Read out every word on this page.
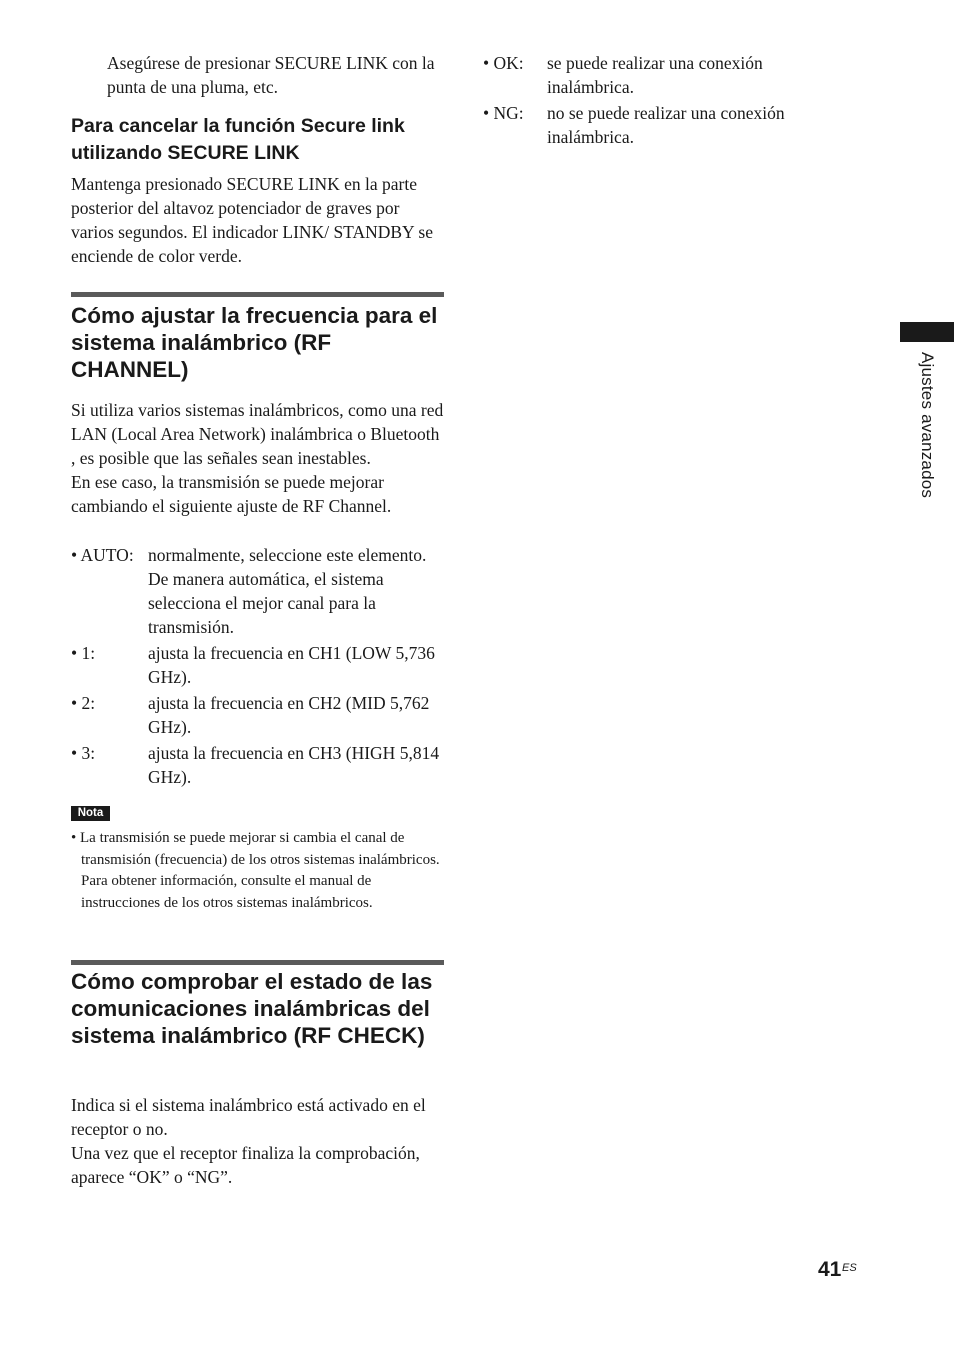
Asegúrese de presionar SECURE LINK con la punta de una pluma, etc.

Para cancelar la función Secure link utilizando SECURE LINK

Mantenga presionado SECURE LINK en la parte posterior del altavoz potenciador de graves por varios segundos. El indicador LINK/ STANDBY se enciende de color verde.

Cómo ajustar la frecuencia para el sistema inalámbrico (RF CHANNEL)

Si utiliza varios sistemas inalámbricos, como una red LAN (Local Area Network) inalámbrica o Bluetooth , es posible que las señales sean inestables.

En ese caso, la transmisión se puede mejorar cambiando el siguiente ajuste de RF Channel.

• AUTO: normalmente, seleccione este elemento. De manera automática, el sistema selecciona el mejor canal para la transmisión.
• 1:	ajusta la frecuencia en CH1 (LOW 5,736 GHz).
• 2:	ajusta la frecuencia en CH2 (MID 5,762 GHz).
• 3:	ajusta la frecuencia en CH3 (HIGH 5,814 GHz).
Nota

• La transmisión se puede mejorar si cambia el canal de transmisión (frecuencia) de los otros sistemas inalámbricos. Para obtener información, consulte el manual de instrucciones de los otros sistemas inalámbricos.

Cómo comprobar el estado de las comunicaciones inalámbricas del sistema inalámbrico (RF CHECK)

Indica si el sistema inalámbrico está activado en el receptor o no.

Una vez que el receptor finaliza la comprobación, aparece “OK” o “NG”.

• OK:	se puede realizar una conexión inalámbrica.
• NG:	no se puede realizar una conexión inalámbrica.
Ajustes avanzados
41 ES
